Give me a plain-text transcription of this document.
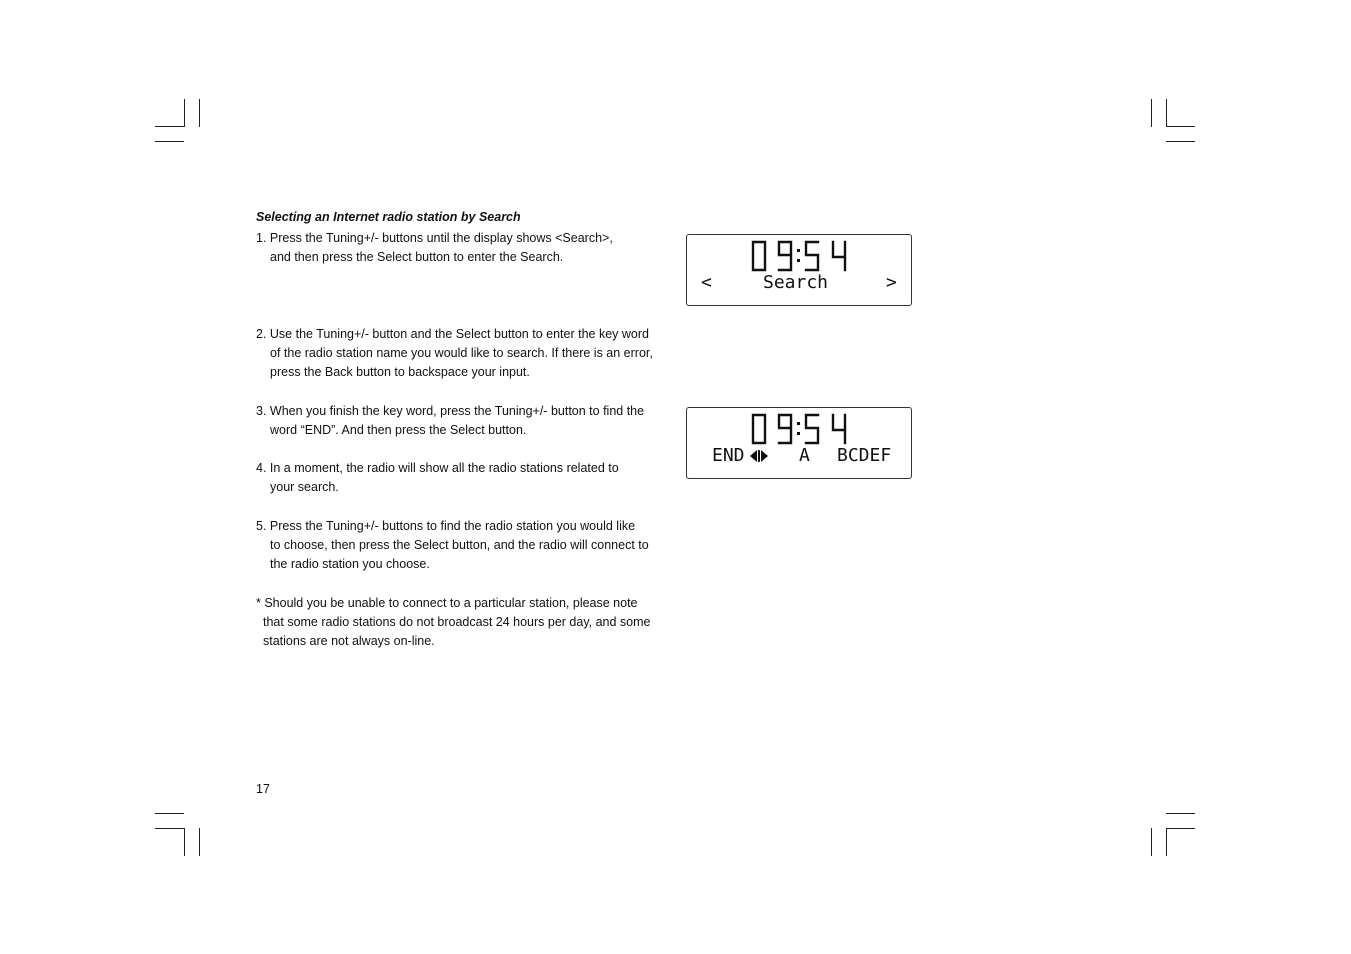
Selecting an Internet radio station by Search
1. Press the Tuning+/- buttons until the display shows <Search>,
and then press the Select button to enter the Search.
2. Use the Tuning+/- button and the Select button to enter the key word
of the radio station name you would like to search. If there is an error,
press the Back button to backspace your input.
3. When you finish the key word, press the Tuning+/- button to find the
word “END”. And then press the Select button.
4. In a moment, the radio will show all the radio stations related to
your search.
5. Press the Tuning+/- buttons to find the radio station you would like
to choose, then press the Select button, and the radio will connect to
the radio station you choose.
* Should you be unable to connect to a particular station, please note
that some radio stations do not broadcast 24 hours per day, and some
stations are not always on-line.
<	Search	>
END	A BCDEF
17
